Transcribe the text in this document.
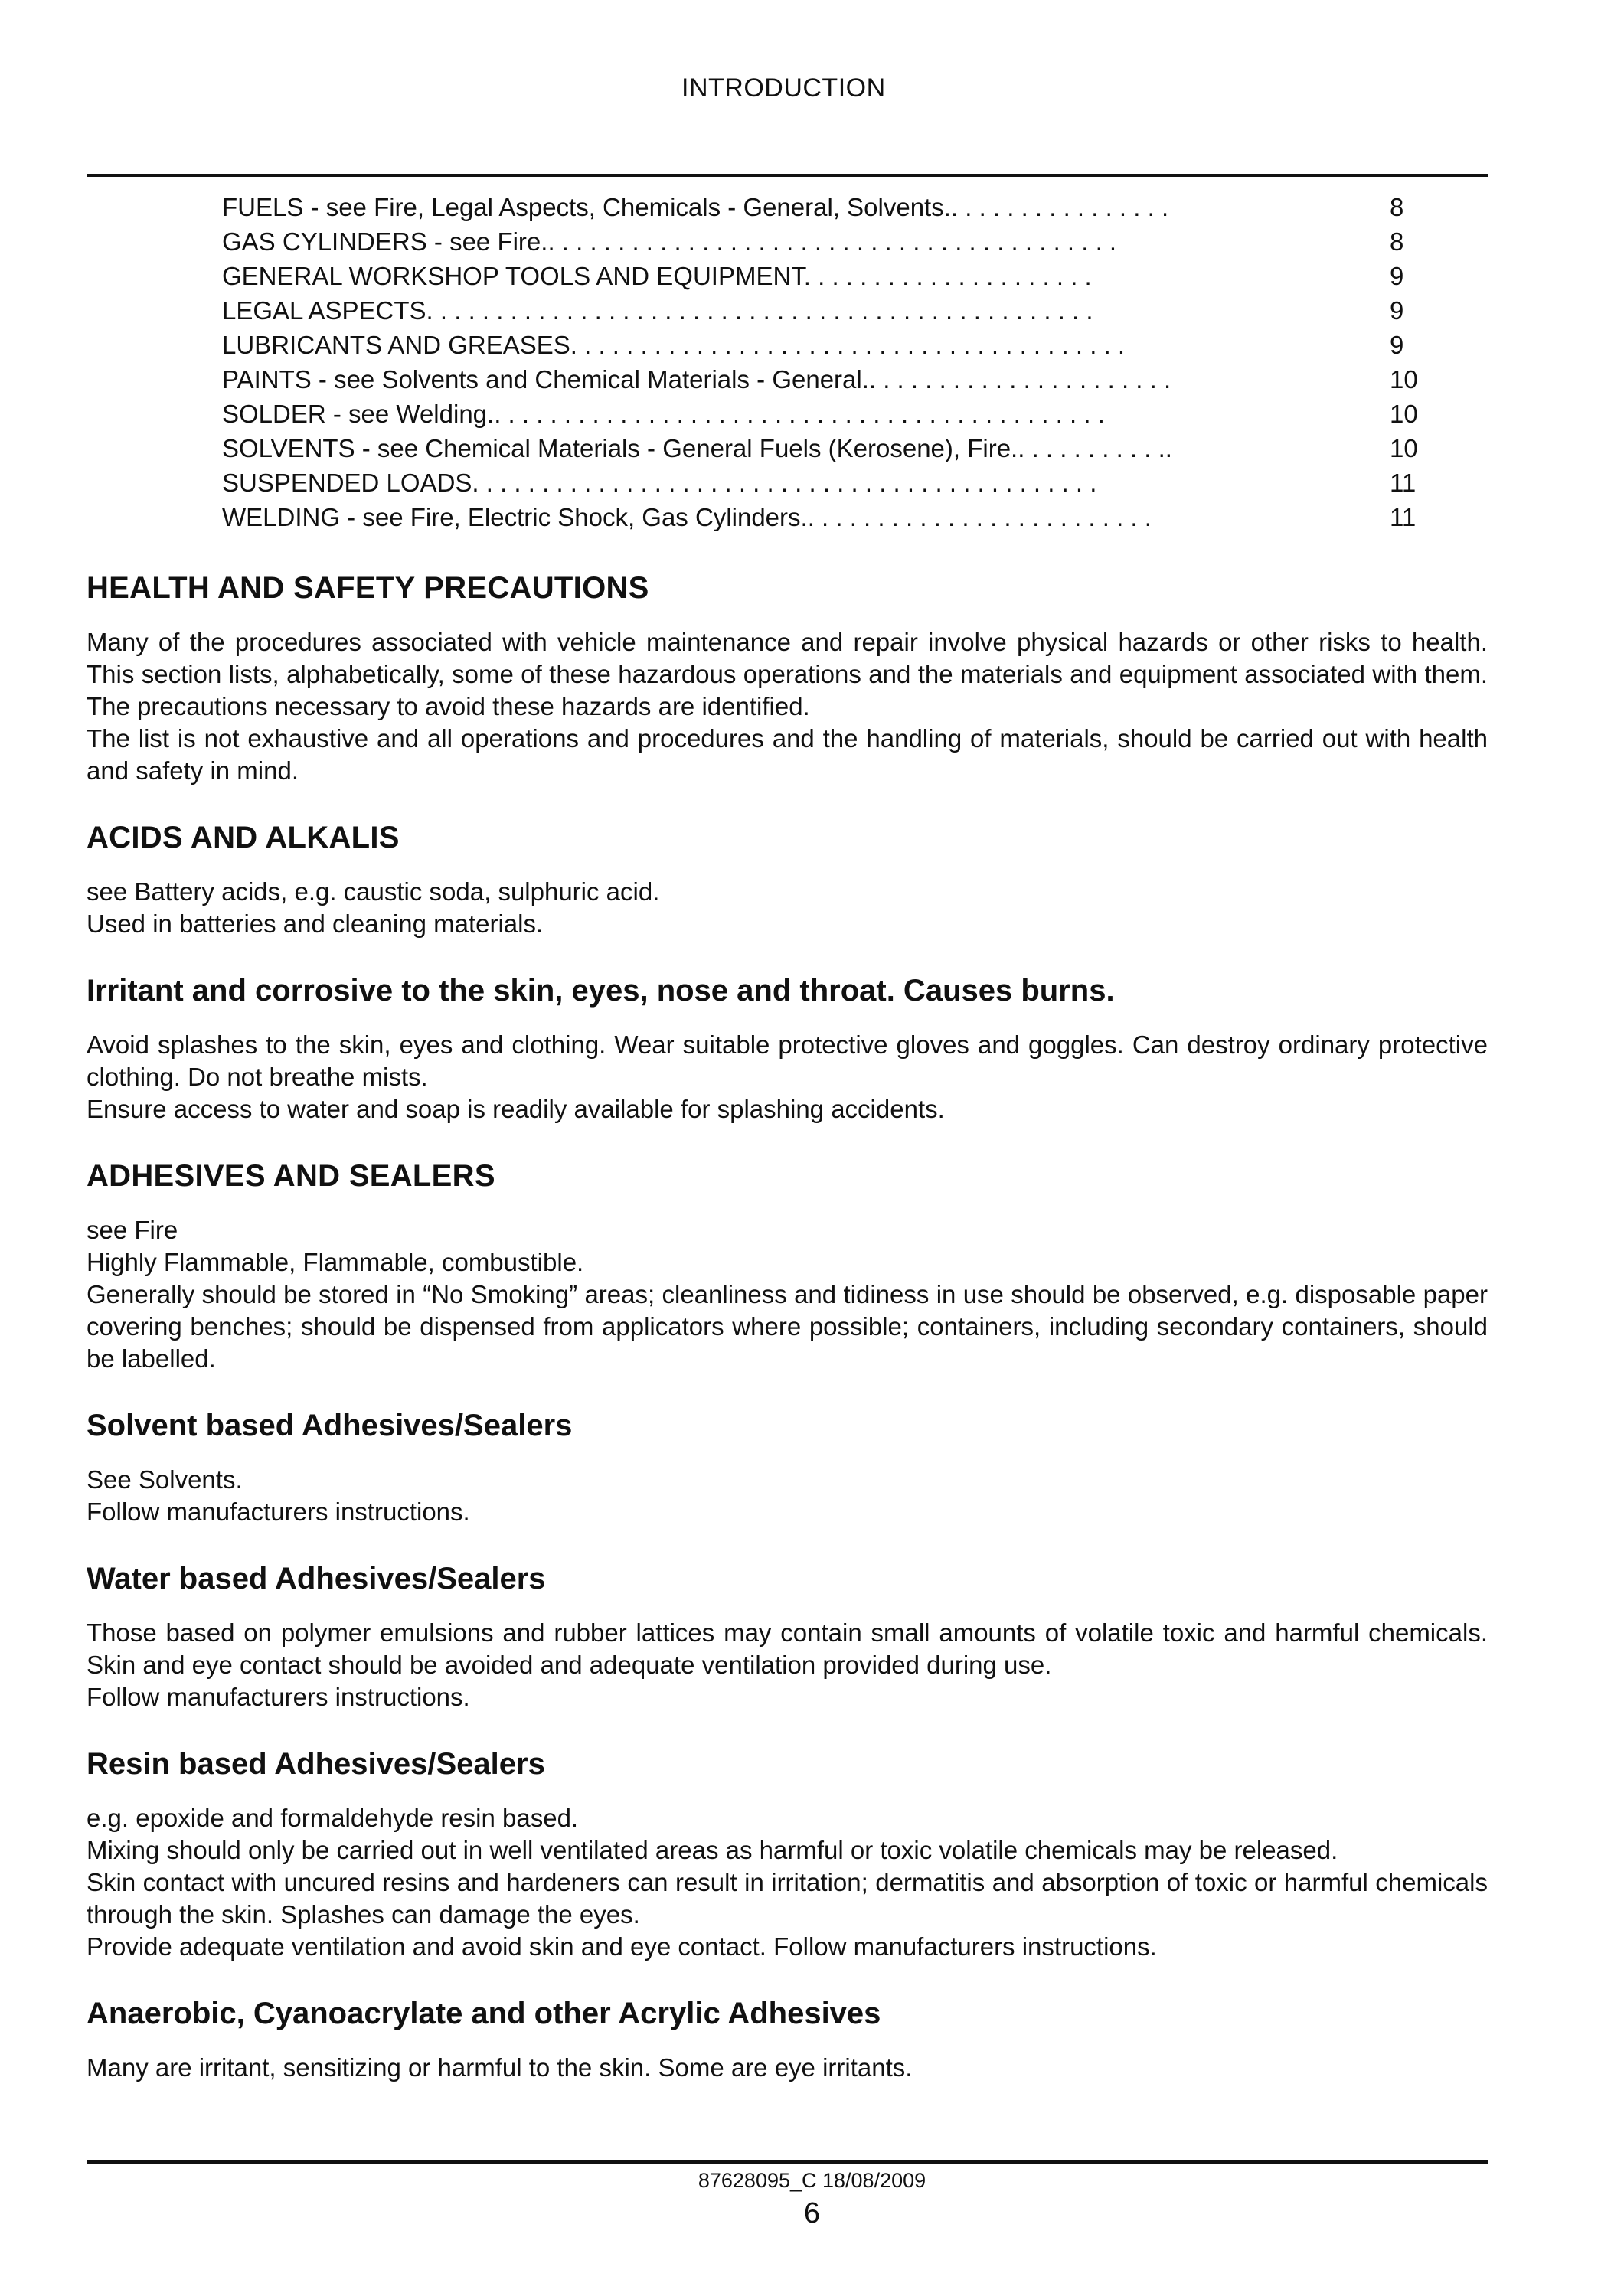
INTRODUCTION
FUELS - see Fire, Legal Aspects, Chemicals - General, Solvents.. . . . . . . . . . . . . . . .	8
GAS CYLINDERS - see Fire.. . . . . . . . . . . . . . . . . . . . . . . . . . . . . . . . . . . . . . . . .	8
GENERAL WORKSHOP TOOLS AND EQUIPMENT. . . . . . . . . . . . . . . . . . . . .	9
LEGAL ASPECTS. . . . . . . . . . . . . . . . . . . . . . . . . . . . . . . . . . . . . . . . . . . . . . . .	9
LUBRICANTS AND GREASES. . . . . . . . . . . . . . . . . . . . . . . . . . . . . . . . . . . . . . . .	9
PAINTS - see Solvents and Chemical Materials - General.. . . . . . . . . . . . . . . . . . . . . .	10
SOLDER - see Welding.. . . . . . . . . . . . . . . . . . . . . . . . . . . . . . . . . . . . . . . . . . . .	10
SOLVENTS - see Chemical Materials - General Fuels (Kerosene), Fire.. . . . . . . . . . ..	10
SUSPENDED LOADS. . . . . . . . . . . . . . . . . . . . . . . . . . . . . . . . . . . . . . . . . . . . .	11
WELDING - see Fire, Electric Shock, Gas Cylinders.. . . . . . . . . . . . . . . . . . . . . . . . .	11
HEALTH AND SAFETY PRECAUTIONS

Many of the procedures associated with vehicle maintenance and repair involve physical hazards or other risks to health. This section lists, alphabetically, some of these hazardous operations and the materials and equipment associated with them. The precautions necessary to avoid these hazards are identified.

The list is not exhaustive and all operations and procedures and the handling of materials, should be carried out with health and safety in mind.

ACIDS AND ALKALIS

see Battery acids, e.g. caustic soda, sulphuric acid.

Used in batteries and cleaning materials.

Irritant and corrosive to the skin, eyes, nose and throat. Causes burns.

Avoid splashes to the skin, eyes and clothing. Wear suitable protective gloves and goggles. Can destroy ordinary protective clothing. Do not breathe mists.

Ensure access to water and soap is readily available for splashing accidents.

ADHESIVES AND SEALERS

see Fire

Highly Flammable, Flammable, combustible.

Generally should be stored in “No Smoking” areas; cleanliness and tidiness in use should be observed, e.g. disposable paper covering benches; should be dispensed from applicators where possible; containers, including secondary containers, should be labelled.

Solvent based Adhesives/Sealers

See Solvents.

Follow manufacturers instructions.

Water based Adhesives/Sealers

Those based on polymer emulsions and rubber lattices may contain small amounts of volatile toxic and harmful chemicals. Skin and eye contact should be avoided and adequate ventilation provided during use.

Follow manufacturers instructions.

Resin based Adhesives/Sealers

e.g. epoxide and formaldehyde resin based.

Mixing should only be carried out in well ventilated areas as harmful or toxic volatile chemicals may be released.

Skin contact with uncured resins and hardeners can result in irritation; dermatitis and absorption of toxic or harmful chemicals through the skin. Splashes can damage the eyes.

Provide adequate ventilation and avoid skin and eye contact. Follow manufacturers instructions.

Anaerobic, Cyanoacrylate and other Acrylic Adhesives

Many are irritant, sensitizing or harmful to the skin. Some are eye irritants.

87628095_C 18/08/2009
6
